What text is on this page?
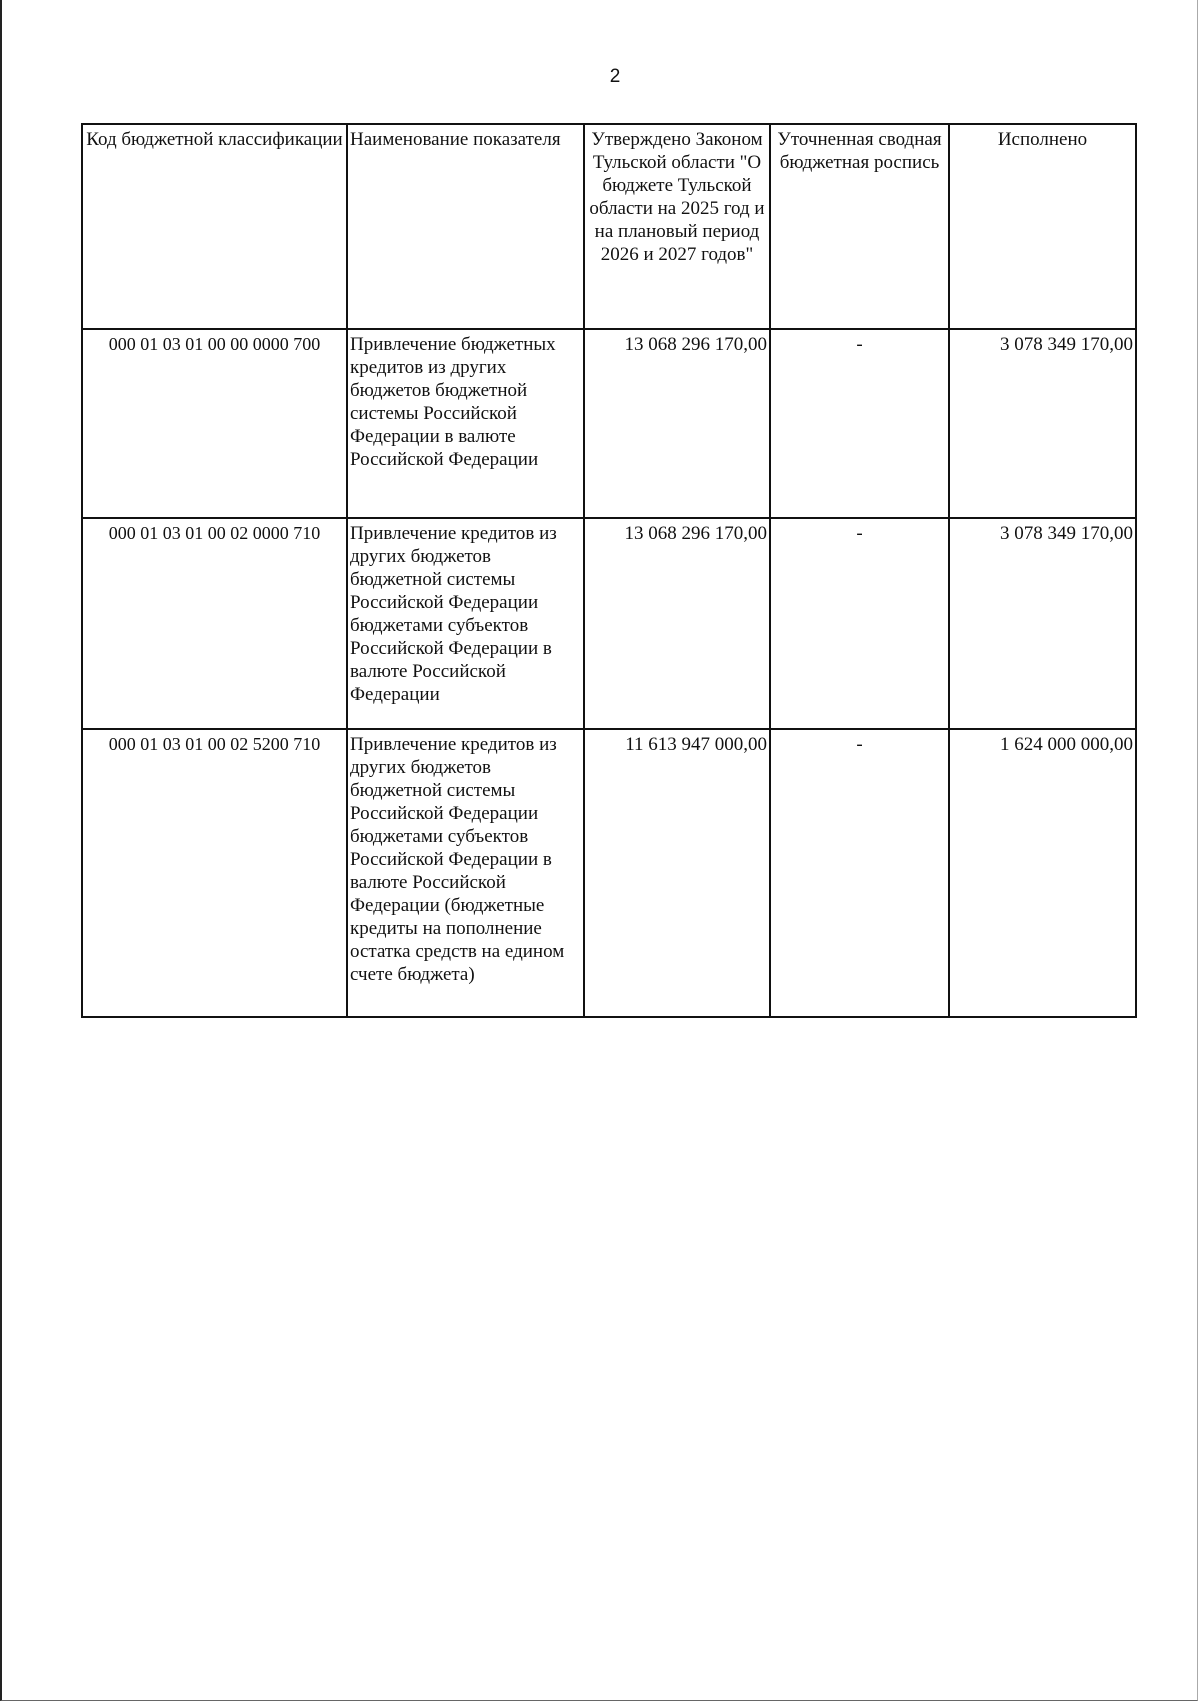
2
Код бюджетной классификации	Наименование показателя	Утверждено Законом Тульской области "О бюджете Тульской области на 2025 год и на плановый период 2026 и 2027 годов"	Уточненная сводная бюджетная роспись	Исполнено
000 01 03 01 00 00 0000 700	Привлечение бюджетных кредитов из других бюджетов бюджетной системы Российской Федерации в валюте Российской Федерации	13 068 296 170,00	-	3 078 349 170,00
000 01 03 01 00 02 0000 710	Привлечение кредитов из других бюджетов бюджетной системы Российской Федерации бюджетами субъектов Российской Федерации в валюте Российской Федерации	13 068 296 170,00	-	3 078 349 170,00
000 01 03 01 00 02 5200 710	Привлечение кредитов из других бюджетов бюджетной системы Российской Федерации бюджетами субъектов Российской Федерации в валюте Российской Федерации (бюджетные кредиты на пополнение остатка средств на едином счете бюджета)	11 613 947 000,00	-	1 624 000 000,00
